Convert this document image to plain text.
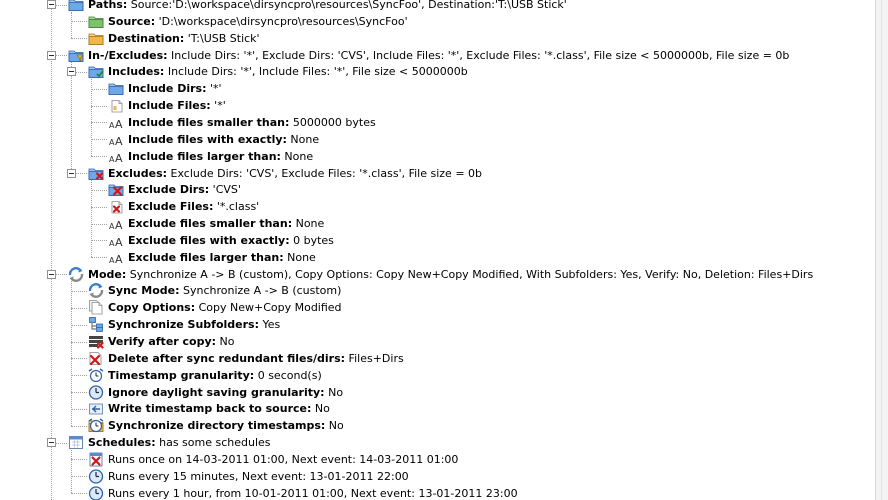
Paths: Source:'D:\workspace\dirsyncpro\resources\SyncFoo', Destination:'T:\USB Stick'
Source: 'D:\workspace\dirsyncpro\resources\SyncFoo'
Destination: 'T:\USB Stick'
In-/Excludes: Include Dirs: '*', Exclude Dirs: 'CVS', Include Files: '*', Exclude Files: '*.class', File size < 5000000b, File size = 0b
Includes: Include Dirs: '*', Include Files: '*', File size < 5000000b
Include Dirs: '*'
Include Files: '*'
A A Include files smaller than: 5000000 bytes
A A Include files with exactly: None
A A Include files larger than: None
Excludes: Exclude Dirs: 'CVS', Exclude Files: '*.class', File size = 0b
Exclude Dirs: 'CVS'
Exclude Files: '*.class'
A A Exclude files smaller than: None
A A Exclude files with exactly: 0 bytes
A A Exclude files larger than: None
Mode: Synchronize A -> B (custom), Copy Options: Copy New+Copy Modified, With Subfolders: Yes, Verify: No, Deletion: Files+Dirs
Sync Mode: Synchronize A -> B (custom)
Copy Options: Copy New+Copy Modified
Synchronize Subfolders: Yes
Verify after copy: No
Delete after sync redundant files/dirs: Files+Dirs
Timestamp granularity: 0 second(s)
Ignore daylight saving granularity: No
Write timestamp back to source: No
Synchronize directory timestamps: No
Schedules: has some schedules
Runs once on 14-03-2011 01:00, Next event: 14-03-2011 01:00
Runs every 15 minutes, Next event: 13-01-2011 22:00
Runs every 1 hour, from 10-01-2011 01:00, Next event: 13-01-2011 23:00
